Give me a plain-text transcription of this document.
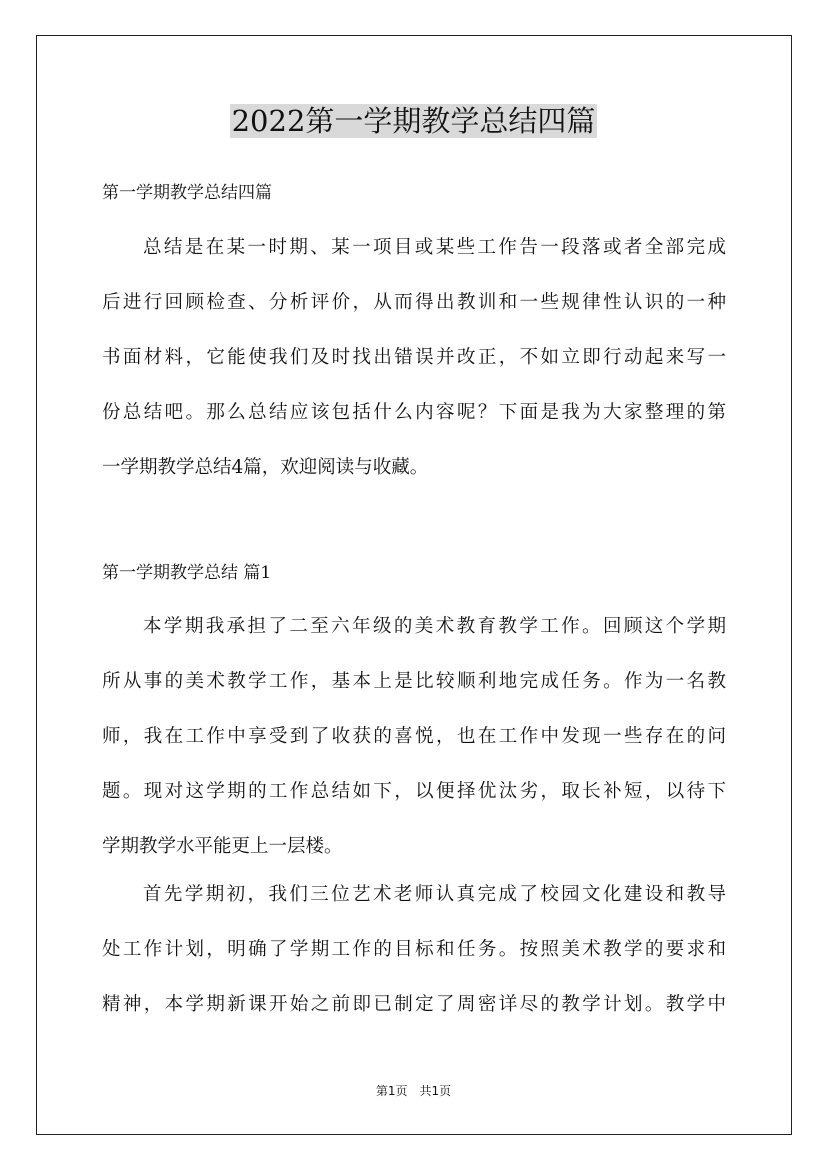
2022第一学期教学总结四篇

第一学期教学总结四篇

总结是在某一时期、某一项目或某些工作告一段落或者全部完成
后进行回顾检查、分析评价，从而得出教训和一些规律性认识的一种
书面材料，它能使我们及时找出错误并改正，不如立即行动起来写一
份总结吧。那么总结应该包括什么内容呢？下面是我为大家整理的第
一学期教学总结4篇，欢迎阅读与收藏。

第一学期教学总结 篇1

本学期我承担了二至六年级的美术教育教学工作。回顾这个学期
所从事的美术教学工作，基本上是比较顺利地完成任务。作为一名教
师，我在工作中享受到了收获的喜悦，也在工作中发现一些存在的问
题。现对这学期的工作总结如下，以便择优汰劣，取长补短，以待下
学期教学水平能更上一层楼。
首先学期初，我们三位艺术老师认真完成了校园文化建设和教导
处工作计划，明确了学期工作的目标和任务。按照美术教学的要求和
精神，本学期新课开始之前即已制定了周密详尽的教学计划。教学中
第1页　共1页
